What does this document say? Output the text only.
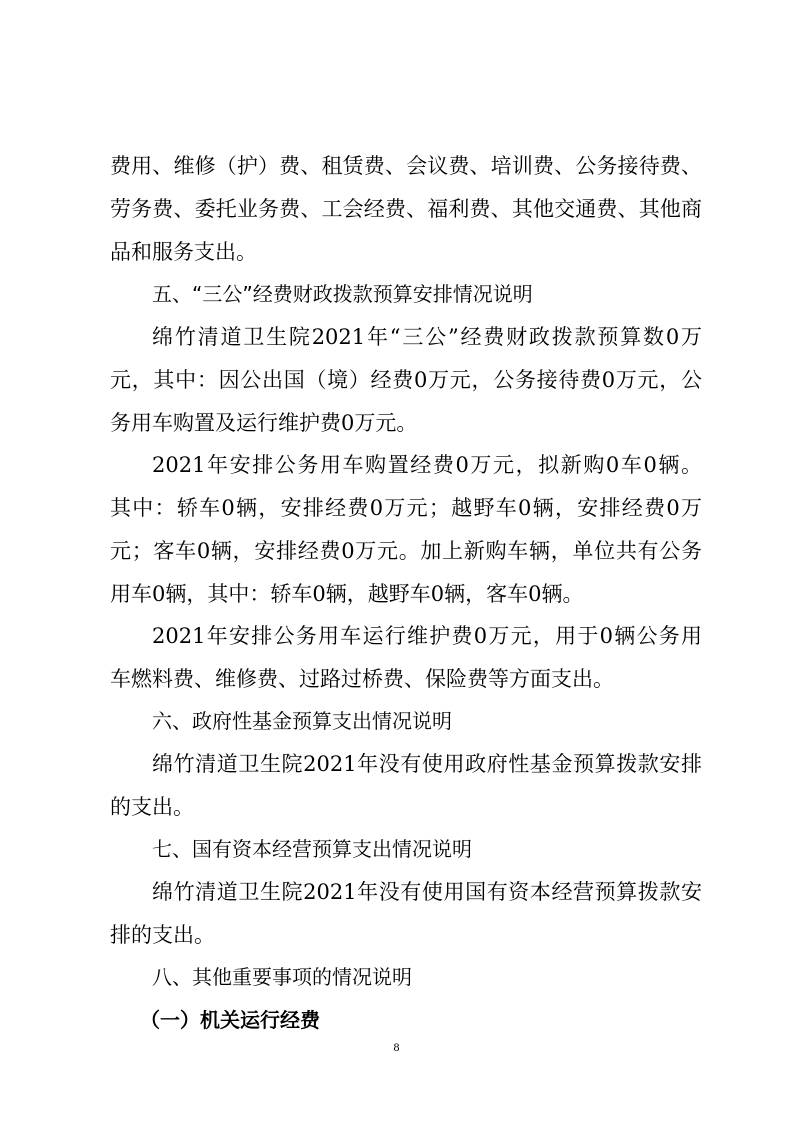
费用、维修（护）费、租赁费、会议费、培训费、公务接待费、
劳务费、委托业务费、工会经费、福利费、其他交通费、其他商
品和服务支出。
五、“三公”经费财政拨款预算安排情况说明
绵竹清道卫生院2021年“三公”经费财政拨款预算数0万
元，其中：因公出国（境）经费0万元，公务接待费0万元，公
务用车购置及运行维护费0万元。
2021年安排公务用车购置经费0万元，拟新购0车0辆。
其中：轿车0辆，安排经费0万元；越野车0辆，安排经费0万
元；客车0辆，安排经费0万元。加上新购车辆，单位共有公务
用车0辆，其中：轿车0辆，越野车0辆，客车0辆。
2021年安排公务用车运行维护费0万元，用于0辆公务用
车燃料费、维修费、过路过桥费、保险费等方面支出。
六、政府性基金预算支出情况说明
绵竹清道卫生院2021年没有使用政府性基金预算拨款安排
的支出。
七、国有资本经营预算支出情况说明
绵竹清道卫生院2021年没有使用国有资本经营预算拨款安
排的支出。
八、其他重要事项的情况说明
（一）机关运行经费
8
